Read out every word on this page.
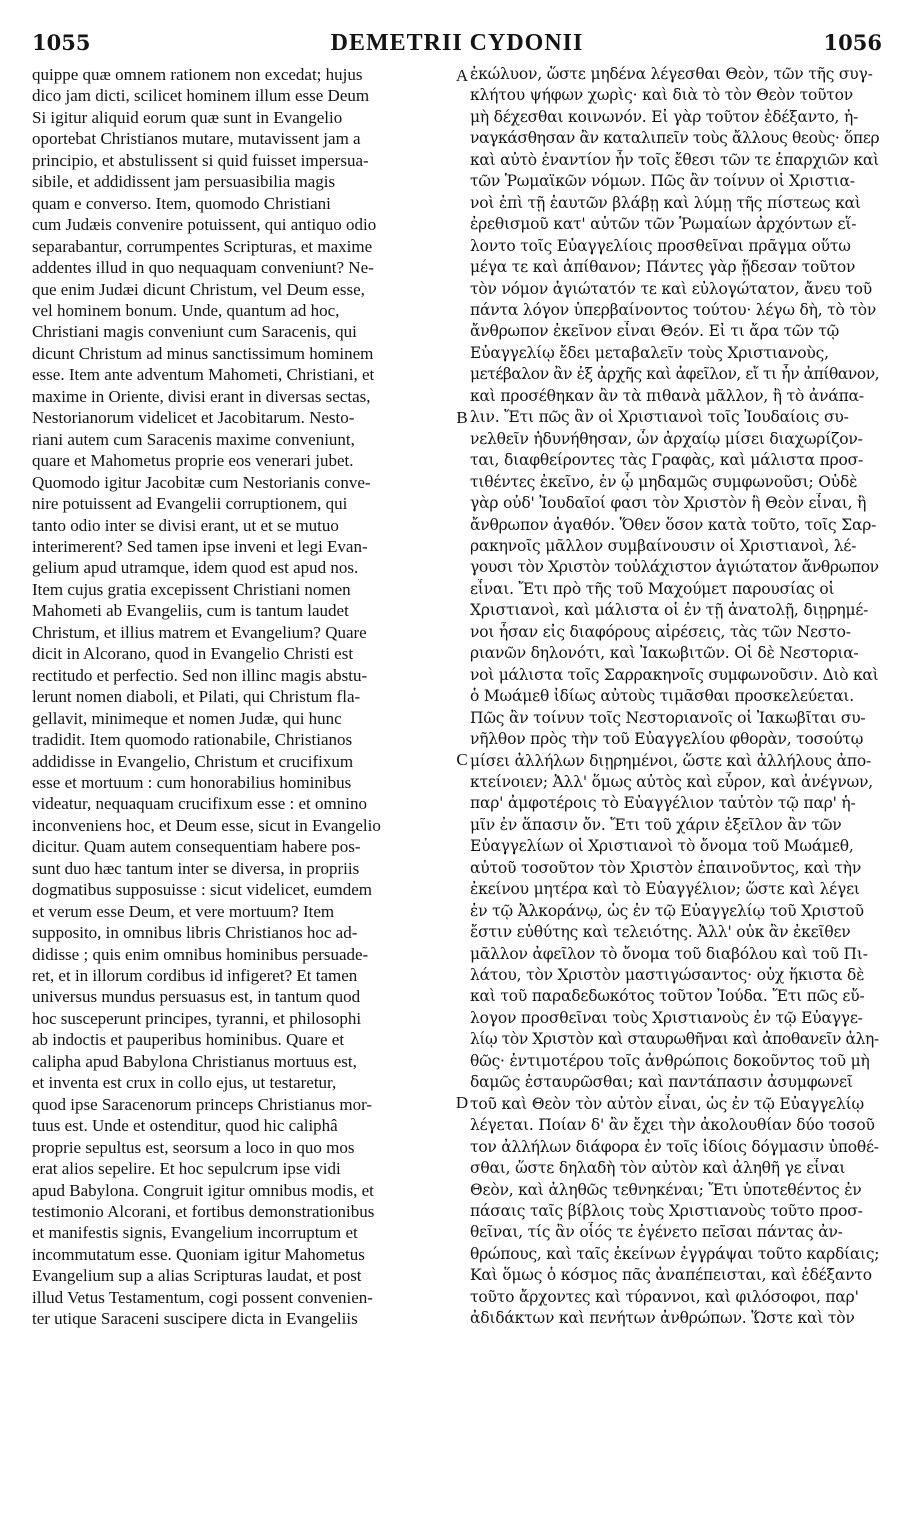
1055	DEMETRII CYDONII	1056
quippe quæ omnem rationem non excedat; hujus
dico jam dicti, scilicet hominem illum esse Deum
Si igitur aliquid eorum quæ sunt in Evangelio
oportebat Christianos mutare, mutavissent jam a
principio, et abstulissent si quid fuisset impersua-
sibile, et addidissent jam persuasibilia magis
quam e converso. Item, quomodo Christiani
cum Judæis convenire potuissent, qui antiquo odio
separabantur, corrumpentes Scripturas, et maxime
addentes illud in quo nequaquam conveniunt? Ne-
que enim Judæi dicunt Christum, vel Deum esse,
vel hominem bonum. Unde, quantum ad hoc,
Christiani magis conveniunt cum Saracenis, qui
dicunt Christum ad minus sanctissimum hominem
esse. Item ante adventum Mahometi, Christiani, et
maxime in Oriente, divisi erant in diversas sectas,
Nestorianorum videlicet et Jacobitarum. Nesto-
riani autem cum Saracenis maxime conveniunt,
quare et Mahometus proprie eos venerari jubet.
Quomodo igitur Jacobitæ cum Nestorianis conve-
nire potuissent ad Evangelii corruptionem, qui
tanto odio inter se divisi erant, ut et se mutuo
interimerent? Sed tamen ipse inveni et legi Evan-
gelium apud utramque, idem quod est apud nos.
Item cujus gratia excepissent Christiani nomen
Mahometi ab Evangeliis, cum is tantum laudet
Christum, et illius matrem et Evangelium? Quare
dicit in Alcorano, quod in Evangelio Christi est
rectitudo et perfectio. Sed non illinc magis abstu-
lerunt nomen diaboli, et Pilati, qui Christum fla-
gellavit, minimeque et nomen Judæ, qui hunc
tradidit. Item quomodo rationabile, Christianos
addidisse in Evangelio, Christum et crucifixum
esse et mortuum : cum honorabilius hominibus
videatur, nequaquam crucifixum esse : et omnino
inconveniens hoc, et Deum esse, sicut in Evangelio
dicitur. Quam autem consequentiam habere pos-
sunt duo hæc tantum inter se diversa, in propriis
dogmatibus supposuisse : sicut videlicet, eumdem
et verum esse Deum, et vere mortuum? Item
supposito, in omnibus libris Christianos hoc ad-
didisse ; quis enim omnibus hominibus persuade-
ret, et in illorum cordibus id infigeret? Et tamen
universus mundus persuasus est, in tantum quod
hoc susceperunt principes, tyranni, et philosophi
ab indoctis et pauperibus hominibus. Quare et
calipha apud Babylona Christianus mortuus est,
et inventa est crux in collo ejus, ut testaretur,
quod ipse Saracenorum princeps Christianus mor-
tuus est. Unde et ostenditur, quod hic caliphâ
proprie sepultus est, seorsum a loco in quo mos
erat alios sepelire. Et hoc sepulcrum ipse vidi
apud Babylona. Congruit igitur omnibus modis, et
testimonio Alcorani, et fortibus demonstrationibus
et manifestis signis, Evangelium incorruptum et
incommutatum esse. Quoniam igitur Mahometus
Evangelium sup a alias Scripturas laudat, et post
illud Vetus Testamentum, cogi possent convenien-
ter utique Saraceni suscipere dicta in Evangeliis
A
B
C
D
ἐκώλυον, ὥστε μηδένα λέγεσθαι Θεὸν, τῶν τῆς συγ-
κλήτου ψήφων χωρὶς· καὶ διὰ τὸ τὸν Θεὸν τοῦτον
μὴ δέχεσθαι κοινωνόν. Εἰ γὰρ τοῦτον ἐδέξαντο, ἠ-
ναγκάσθησαν ἂν καταλιπεῖν τοὺς ἄλλους θεοὺς· ὅπερ
καὶ αὐτὸ ἐναντίον ἦν τοῖς ἔθεσι τῶν τε ἐπαρχιῶν καὶ
τῶν Ῥωμαϊκῶν νόμων. Πῶς ἂν τοίνυν οἱ Χριστια-
νοὶ ἐπὶ τῇ ἑαυτῶν βλάβῃ καὶ λύμῃ τῆς πίστεως καὶ
ἐρεθισμοῦ κατ' αὐτῶν τῶν Ῥωμαίων ἀρχόντων εἵ-
λοντο τοῖς Εὐαγγελίοις προσθεῖναι πρᾶγμα οὕτω
μέγα τε καὶ ἀπίθανον; Πάντες γὰρ ᾔδεσαν τοῦτον
τὸν νόμον ἁγιώτατόν τε καὶ εὐλογώτατον, ἄνευ τοῦ
πάντα λόγον ὑπερβαίνοντος τούτου· λέγω δὴ, τὸ τὸν
ἄνθρωπον ἐκεῖνον εἶναι Θεόν. Εἰ τι ἄρα τῶν τῷ
Εὐαγγελίῳ ἔδει μεταβαλεῖν τοὺς Χριστιανοὺς,
μετέβαλον ἂν ἐξ ἀρχῆς καὶ ἀφεῖλον, εἴ τι ἦν ἀπίθανον,
καὶ προσέθηκαν ἂν τὰ πιθανὰ μᾶλλον, ἢ τὸ ἀνάπα-
λιν. Ἔτι πῶς ἂν οἱ Χριστιανοὶ τοῖς Ἰουδαίοις συ-
νελθεῖν ἠδυνήθησαν, ὧν ἀρχαίῳ μίσει διαχωρίζον-
ται, διαφθείροντες τὰς Γραφὰς, καὶ μάλιστα προσ-
τιθέντες ἐκεῖνο, ἐν ᾧ μηδαμῶς συμφωνοῦσι; Οὐδὲ
γὰρ οὐδ' Ἰουδαῖοί φασι τὸν Χριστὸν ἢ Θεὸν εἶναι, ἢ
ἄνθρωπον ἀγαθόν. Ὅθεν ὅσον κατὰ τοῦτο, τοῖς Σαρ-
ρακηνοῖς μᾶλλον συμβαίνουσιν οἱ Χριστιανοὶ, λέ-
γουσι τὸν Χριστὸν τοὐλάχιστον ἁγιώτατον ἄνθρωπον
εἶναι. Ἔτι πρὸ τῆς τοῦ Μαχούμετ παρουσίας οἱ
Χριστιανοὶ, καὶ μάλιστα οἱ ἐν τῇ ἀνατολῇ, διῃρημέ-
νοι ἦσαν εἰς διαφόρους αἱρέσεις, τὰς τῶν Νεστο-
ριανῶν δηλονότι, καὶ Ἰακωβιτῶν. Οἱ δὲ Νεστορια-
νοὶ μάλιστα τοῖς Σαρρακηνοῖς συμφωνοῦσιν. Διὸ καὶ
ὁ Μωάμεθ ἰδίως αὐτοὺς τιμᾶσθαι προσκελεύεται.
Πῶς ἂν τοίνυν τοῖς Νεστοριανοῖς οἱ Ἰακωβῖται συ-
νῆλθον πρὸς τὴν τοῦ Εὐαγγελίου φθορὰν, τοσούτῳ
μίσει ἀλλήλων διῃρημένοι, ὥστε καὶ ἀλλήλους ἀπο-
κτείνοιεν; Ἀλλ' ὅμως αὐτὸς καὶ εὗρον, καὶ ἀνέγνων,
παρ' ἀμφοτέροις τὸ Εὐαγγέλιον ταὐτὸν τῷ παρ' ἡ-
μῖν ἐν ἅπασιν ὄν. Ἔτι τοῦ χάριν ἐξεῖλον ἂν τῶν
Εὐαγγελίων οἱ Χριστιανοὶ τὸ ὄνομα τοῦ Μωάμεθ,
αὐτοῦ τοσοῦτον τὸν Χριστὸν ἐπαινοῦντος, καὶ τὴν
ἐκείνου μητέρα καὶ τὸ Εὐαγγέλιον; ὥστε καὶ λέγει
ἐν τῷ Ἀλκοράνῳ, ὡς ἐν τῷ Εὐαγγελίῳ τοῦ Χριστοῦ
ἔστιν εὐθύτης καὶ τελειότης. Ἀλλ' οὐκ ἂν ἐκεῖθεν
μᾶλλον ἀφεῖλον τὸ ὄνομα τοῦ διαβόλου καὶ τοῦ Πι-
λάτου, τὸν Χριστὸν μαστιγώσαντος· οὐχ ἥκιστα δὲ
καὶ τοῦ παραδεδωκότος τοῦτον Ἰούδα. Ἔτι πῶς εὔ-
λογον προσθεῖναι τοὺς Χριστιανοὺς ἐν τῷ Εὐαγγε-
λίῳ τὸν Χριστὸν καὶ σταυρωθῆναι καὶ ἀποθανεῖν ἀλη-
θῶς· ἐντιμοτέρου τοῖς ἀνθρώποις δοκοῦντος τοῦ μὴ
δαμῶς ἐσταυρῶσθαι; καὶ παντάπασιν ἀσυμφωνεῖ
τοῦ καὶ Θεὸν τὸν αὐτὸν εἶναι, ὡς ἐν τῷ Εὐαγγελίῳ
λέγεται. Ποίαν δ' ἂν ἔχει τὴν ἀκολουθίαν δύο τοσοῦ
τον ἀλλήλων διάφορα ἐν τοῖς ἰδίοις δόγμασιν ὑποθέ-
σθαι, ὥστε δηλαδὴ τὸν αὐτὸν καὶ ἀληθῆ γε εἶναι
Θεὸν, καὶ ἀληθῶς τεθνηκέναι; Ἔτι ὑποτεθέντος ἐν
πάσαις ταῖς βίβλοις τοὺς Χριστιανοὺς τοῦτο προσ-
θεῖναι, τίς ἂν οἷός τε ἐγένετο πεῖσαι πάντας ἀν-
θρώπους, καὶ ταῖς ἐκείνων ἐγγράψαι τοῦτο καρδίαις;
Καὶ ὅμως ὁ κόσμος πᾶς ἀναπέπεισται, καὶ ἐδέξαντο
τοῦτο ἄρχοντες καὶ τύραννοι, καὶ φιλόσοφοι, παρ'
ἀδιδάκτων καὶ πενήτων ἀνθρώπων. Ὥστε καὶ τὸν
